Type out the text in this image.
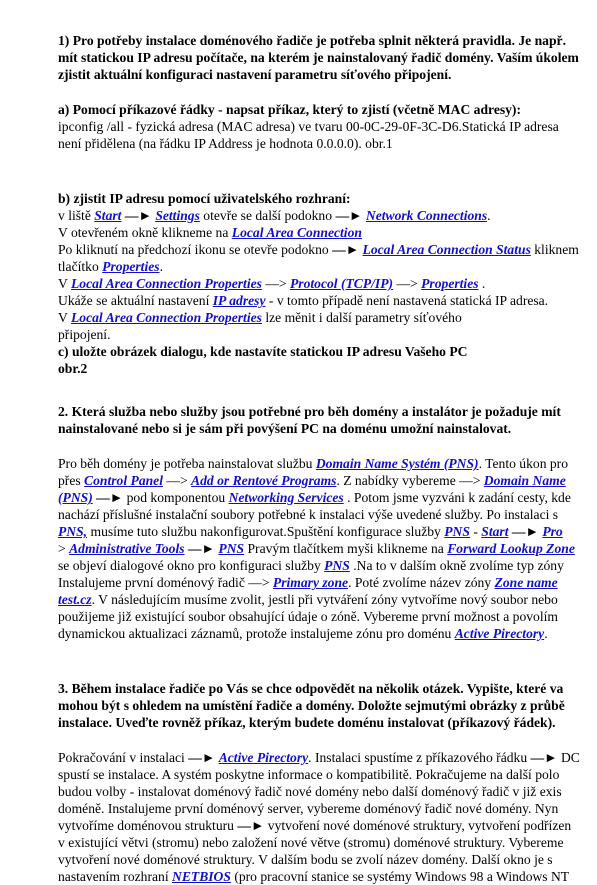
1) Pro potřeby instalace doménového řadiče je potřeba splnit některá pravidla. Je např.
mít statickou IP adresu počítače, na kterém je nainstalovaný řadič domény. Vaším úkolem
zjistit aktuální konfiguraci nastavení parametru síťového připojení.
a) Pomocí příkazové řádky - napsat příkaz, který to zjistí (včetně MAC adresy):
ipconfig /all - fyzická adresa (MAC adresa) ve tvaru 00-0C-29-0F-3C-D6.Statická IP adresa
není přidělena (na řádku IP Address je hodnota 0.0.0.0). obr.1
b) zjistit IP adresu pomocí uživatelského rozhraní:
v liště Start —► Settings otevře se další podokno —► Network Connections.
V otevřeném okně klikneme na Local Area Connection
Po kliknutí na předchozí ikonu se otevře podokno —► Local Area Connection Status kliknem
tlačítko Properties.
V Local Area Connection Properties —> Protocol (TCP/IP) —> Properties .
Ukáže se aktuální nastavení IP adresy - v tomto případě není nastavená statická IP adresa.
V Local Area Connection Properties lze měnit i další parametry síťového
připojení.
c) uložte obrázek dialogu, kde nastavíte statickou IP adresu Vašeho PC
obr.2
2. Která služba nebo služby jsou potřebné pro běh domény a instalátor je požaduje mít
nainstalované nebo si je sám při povýšení PC na doménu umožní nainstalovat.
Pro běh domény je potřeba nainstalovat službu Domain Name Systém (PNS). Tento úkon pro
přes Control Panel —> Add or Rentové Programs. Z nabídky vybereme —> Domain Name
(PNS) —► pod komponentou Networking Services . Potom jsme vyzváni k zadání cesty, kde
nachází příslušné instalační soubory potřebné k instalaci výše uvedené služby. Po instalaci s
PNS, musíme tuto službu nakonfigurovat.Spuštění konfigurace služby PNS - Start —► Pro
> Administrative Tools —► PNS Pravým tlačítkem myši klikneme na Forward Lookup Zone
se objeví dialogové okno pro konfiguraci služby PNS .Na to v dalším okně zvolíme typ zóny
Instalujeme první doménový řadič —> Primary zone. Poté zvolíme název zóny Zone name
test.cz. V následujícím musíme zvolit, jestli při vytváření zóny vytvoříme nový soubor nebo
použijeme již existující soubor obsahující údaje o zóně. Vybereme první možnost a povolím
dynamickou aktualizaci záznamů, protože instalujeme zónu pro doménu Active Pirectory.
3. Během instalace řadiče po Vás se chce odpovědět na několik otázek. Vypište, které va
mohou být s ohledem na umístění řadiče a domény. Doložte sejmutými obrázky z průbě
instalace. Uveďte rovněž příkaz, kterým budete doménu instalovat (příkazový řádek).
Pokračování v instalaci —► Active Pirectory. Instalaci spustíme z příkazového řádku —► DC
spustí se instalace. A systém poskytne informace o kompatibilitě. Pokračujeme na další polo
budou volby - instalovat doménový řadič nové domény nebo další doménový řadič v již exis
doméně. Instalujeme první doménový server, vybereme doménový řadič nové domény. Nyn
vytvoříme doménovou strukturu —► vytvoření nové doménové struktury, vytvoření podřízen
v existující větvi (stromu) nebo založení nové větve (stromu) doménové struktury. Vybereme
vytvoření nové doménové struktury. V dalším bodu se zvolí název domény. Další okno je s
nastavením rozhraní NETBIOS (pro pracovní stanice se systémy Windows 98 a Windows NT
